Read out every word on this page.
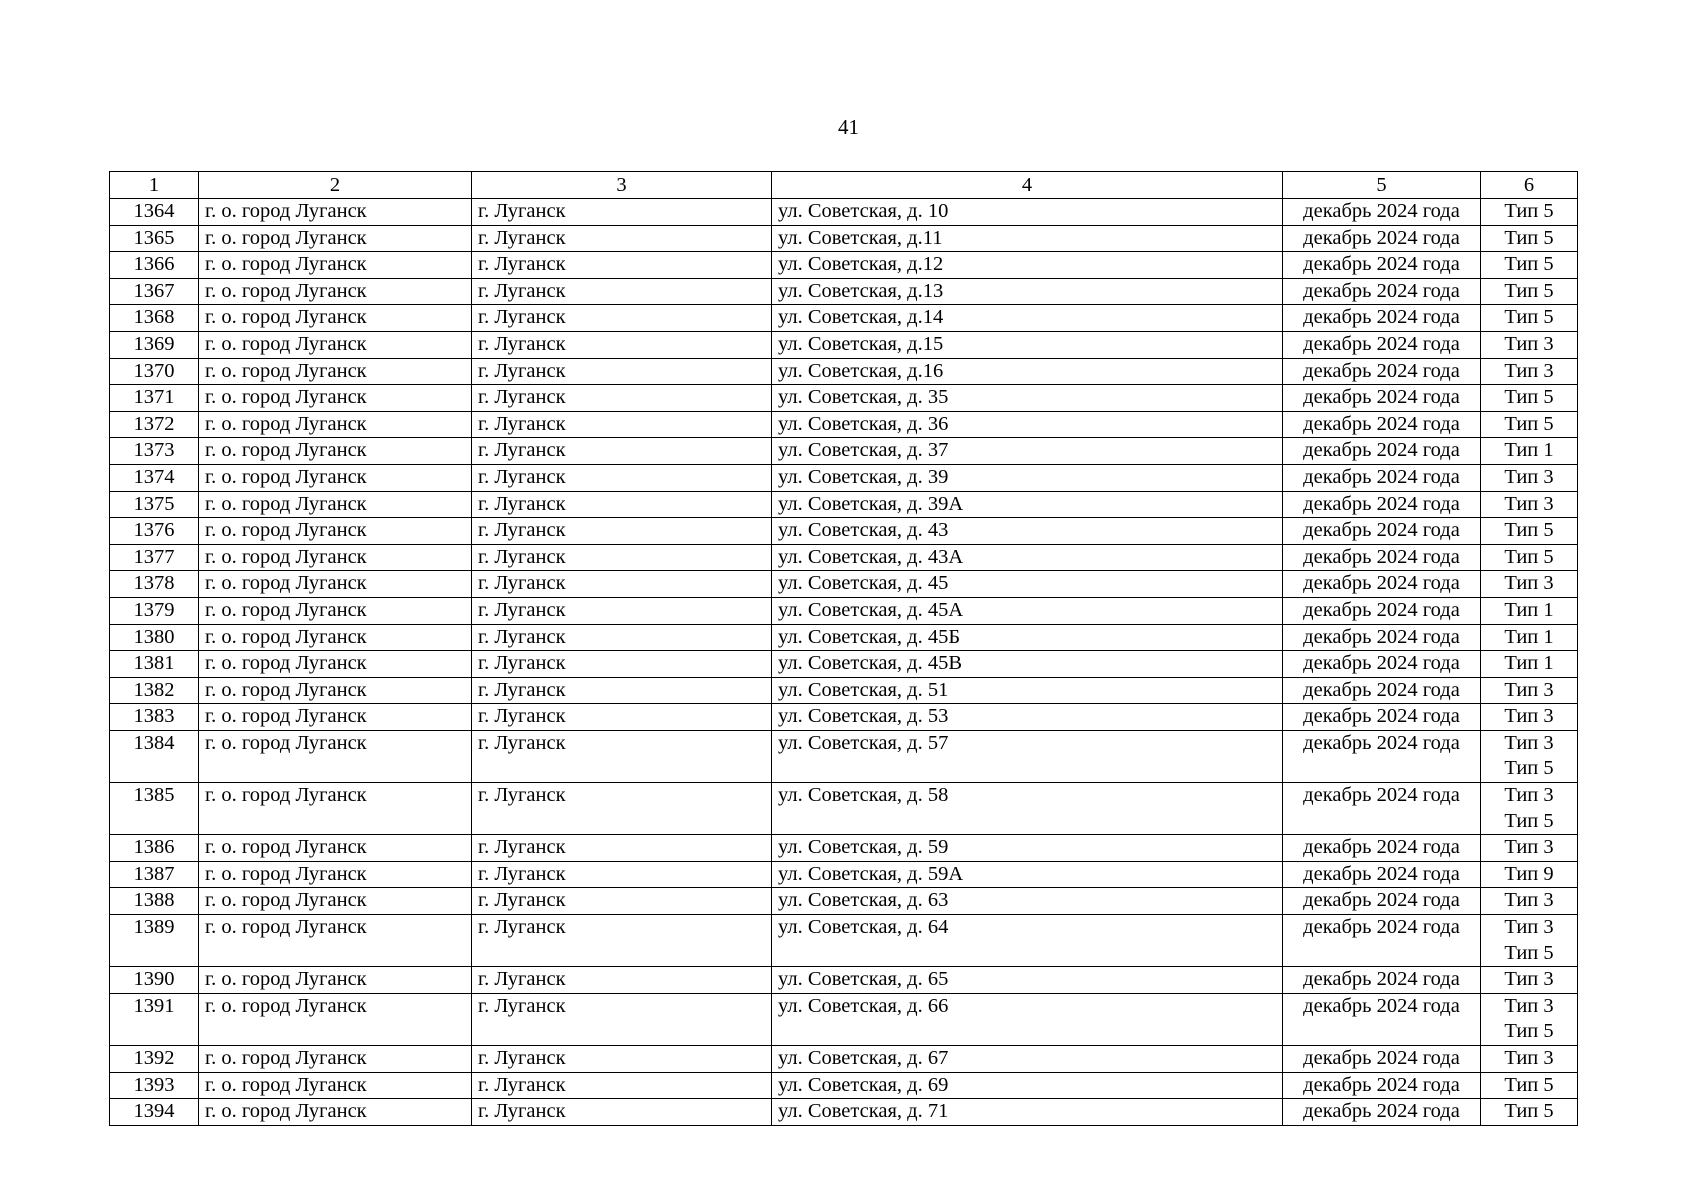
41
1	2	3	4	5	6
1364	г. о. город Луганск	г. Луганск	ул. Советская, д. 10	декабрь 2024 года	Тип 5

1365	г. о. город Луганск	г. Луганск	ул. Советская, д.11	декабрь 2024 года	Тип 5

1366	г. о. город Луганск	г. Луганск	ул. Советская, д.12	декабрь 2024 года	Тип 5

1367	г. о. город Луганск	г. Луганск	ул. Советская, д.13	декабрь 2024 года	Тип 5

1368	г. о. город Луганск	г. Луганск	ул. Советская, д.14	декабрь 2024 года	Тип 5

1369	г. о. город Луганск	г. Луганск	ул. Советская, д.15	декабрь 2024 года	Тип 3

1370	г. о. город Луганск	г. Луганск	ул. Советская, д.16	декабрь 2024 года	Тип 3

1371	г. о. город Луганск	г. Луганск	ул. Советская, д. 35	декабрь 2024 года	Тип 5

1372	г. о. город Луганск	г. Луганск	ул. Советская, д. 36	декабрь 2024 года	Тип 5

1373	г. о. город Луганск	г. Луганск	ул. Советская, д. 37	декабрь 2024 года	Тип 1

1374	г. о. город Луганск	г. Луганск	ул. Советская, д. 39	декабрь 2024 года	Тип 3

1375	г. о. город Луганск	г. Луганск	ул. Советская, д. 39А	декабрь 2024 года	Тип 3

1376	г. о. город Луганск	г. Луганск	ул. Советская, д. 43	декабрь 2024 года	Тип 5

1377	г. о. город Луганск	г. Луганск	ул. Советская, д. 43А	декабрь 2024 года	Тип 5

1378	г. о. город Луганск	г. Луганск	ул. Советская, д. 45	декабрь 2024 года	Тип 3

1379	г. о. город Луганск	г. Луганск	ул. Советская, д. 45А	декабрь 2024 года	Тип 1

1380	г. о. город Луганск	г. Луганск	ул. Советская, д. 45Б	декабрь 2024 года	Тип 1

1381	г. о. город Луганск	г. Луганск	ул. Советская, д. 45В	декабрь 2024 года	Тип 1

1382	г. о. город Луганск	г. Луганск	ул. Советская, д. 51	декабрь 2024 года	Тип 3

1383	г. о. город Луганск	г. Луганск	ул. Советская, д. 53	декабрь 2024 года	Тип 3

1384	г. о. город Луганск	г. Луганск	ул. Советская, д. 57	декабрь 2024 года	Тип 3
Тип 5

1385	г. о. город Луганск	г. Луганск	ул. Советская, д. 58	декабрь 2024 года	Тип 3
Тип 5

1386	г. о. город Луганск	г. Луганск	ул. Советская, д. 59	декабрь 2024 года	Тип 3

1387	г. о. город Луганск	г. Луганск	ул. Советская, д. 59А	декабрь 2024 года	Тип 9

1388	г. о. город Луганск	г. Луганск	ул. Советская, д. 63	декабрь 2024 года	Тип 3

1389	г. о. город Луганск	г. Луганск	ул. Советская, д. 64	декабрь 2024 года	Тип 3
Тип 5

1390	г. о. город Луганск	г. Луганск	ул. Советская, д. 65	декабрь 2024 года	Тип 3

1391	г. о. город Луганск	г. Луганск	ул. Советская, д. 66	декабрь 2024 года	Тип 3
Тип 5

1392	г. о. город Луганск	г. Луганск	ул. Советская, д. 67	декабрь 2024 года	Тип 3

1393	г. о. город Луганск	г. Луганск	ул. Советская, д. 69	декабрь 2024 года	Тип 5

1394	г. о. город Луганск	г. Луганск	ул. Советская, д. 71	декабрь 2024 года	Тип 5
